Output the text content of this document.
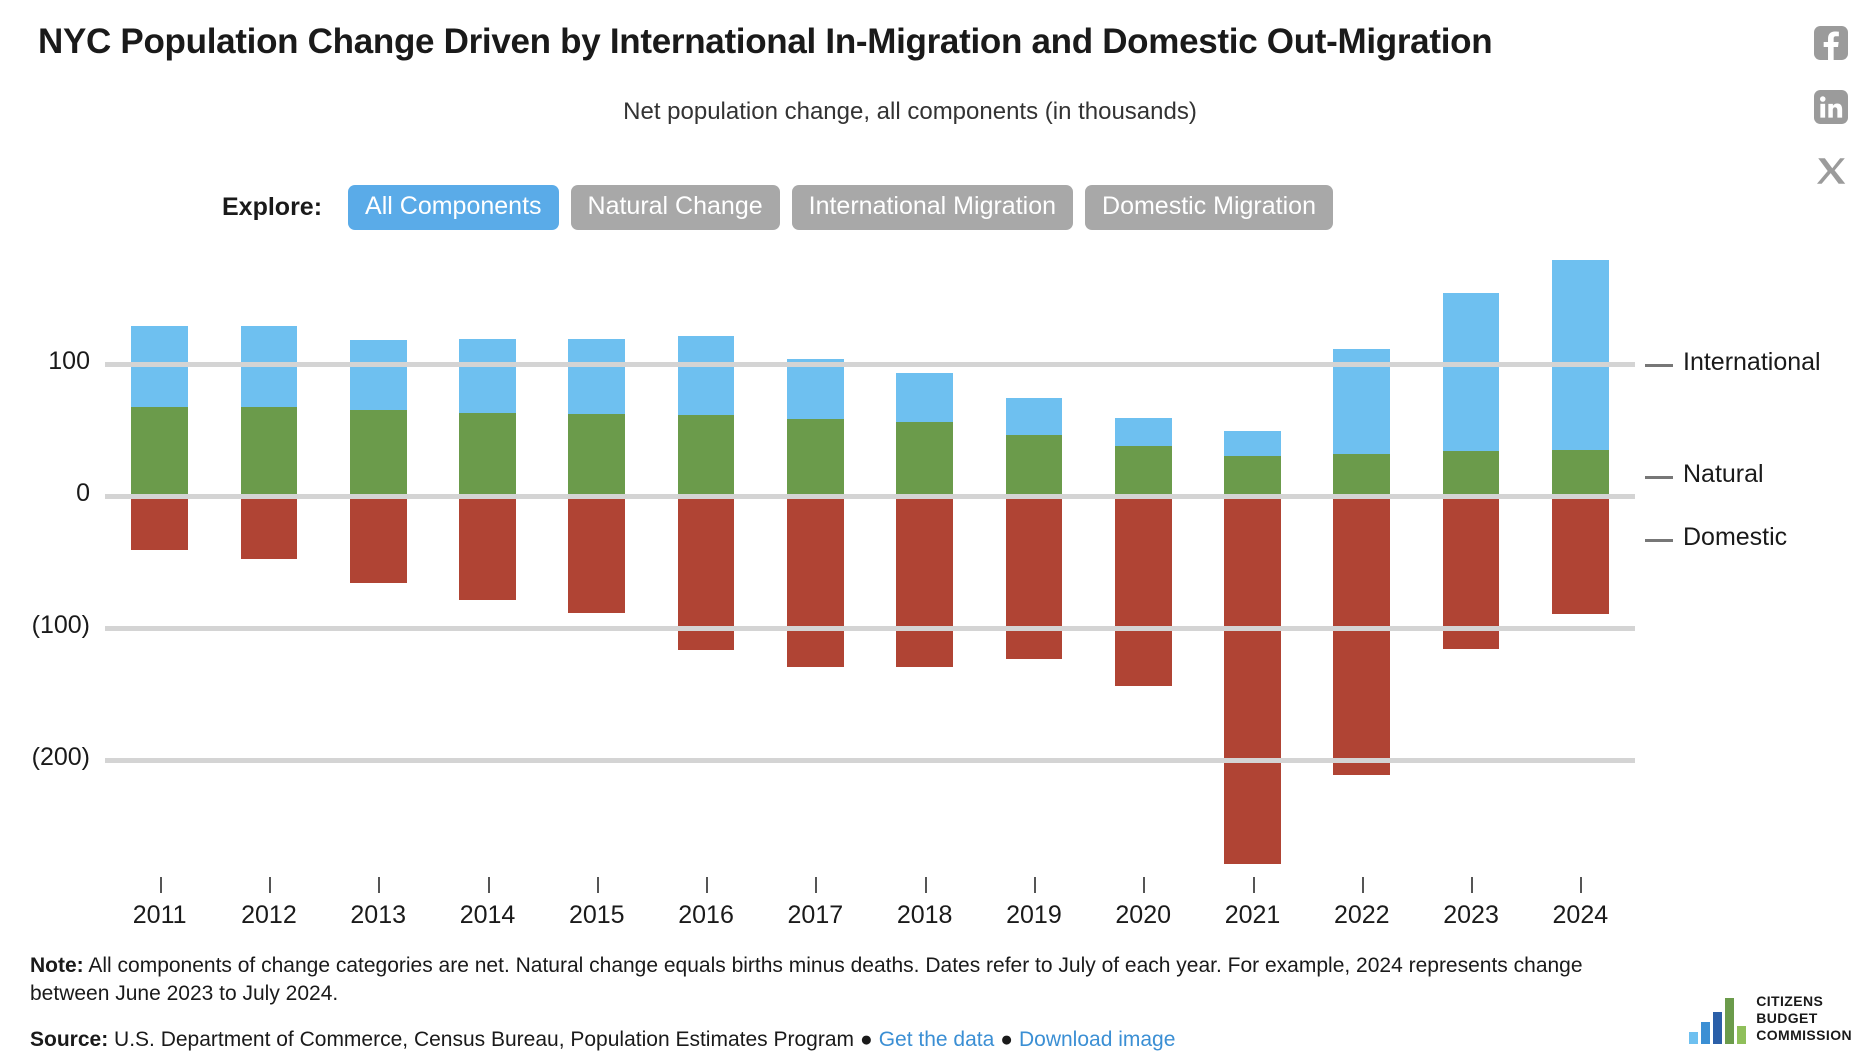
NYC Population Change Driven by International In-Migration and Domestic Out-Migration
Net population change, all components (in thousands)
Explore:	All Components	Natural Change	International Migration	Domestic Migration
100
0
(100)
(200)
2011	2012	2013	2014	2015	2016	2017	2018	2019	2020	2021	2022	2023	2024
International
Natural
Domestic
Note: All components of change categories are net. Natural change equals births minus deaths. Dates refer to July of each year. For example, 2024 represents change between June 2023 to July 2024.
Source: U.S. Department of Commerce, Census Bureau, Population Estimates Program ● Get the data ● Download image
CITIZENS
BUDGET
COMMISSION
